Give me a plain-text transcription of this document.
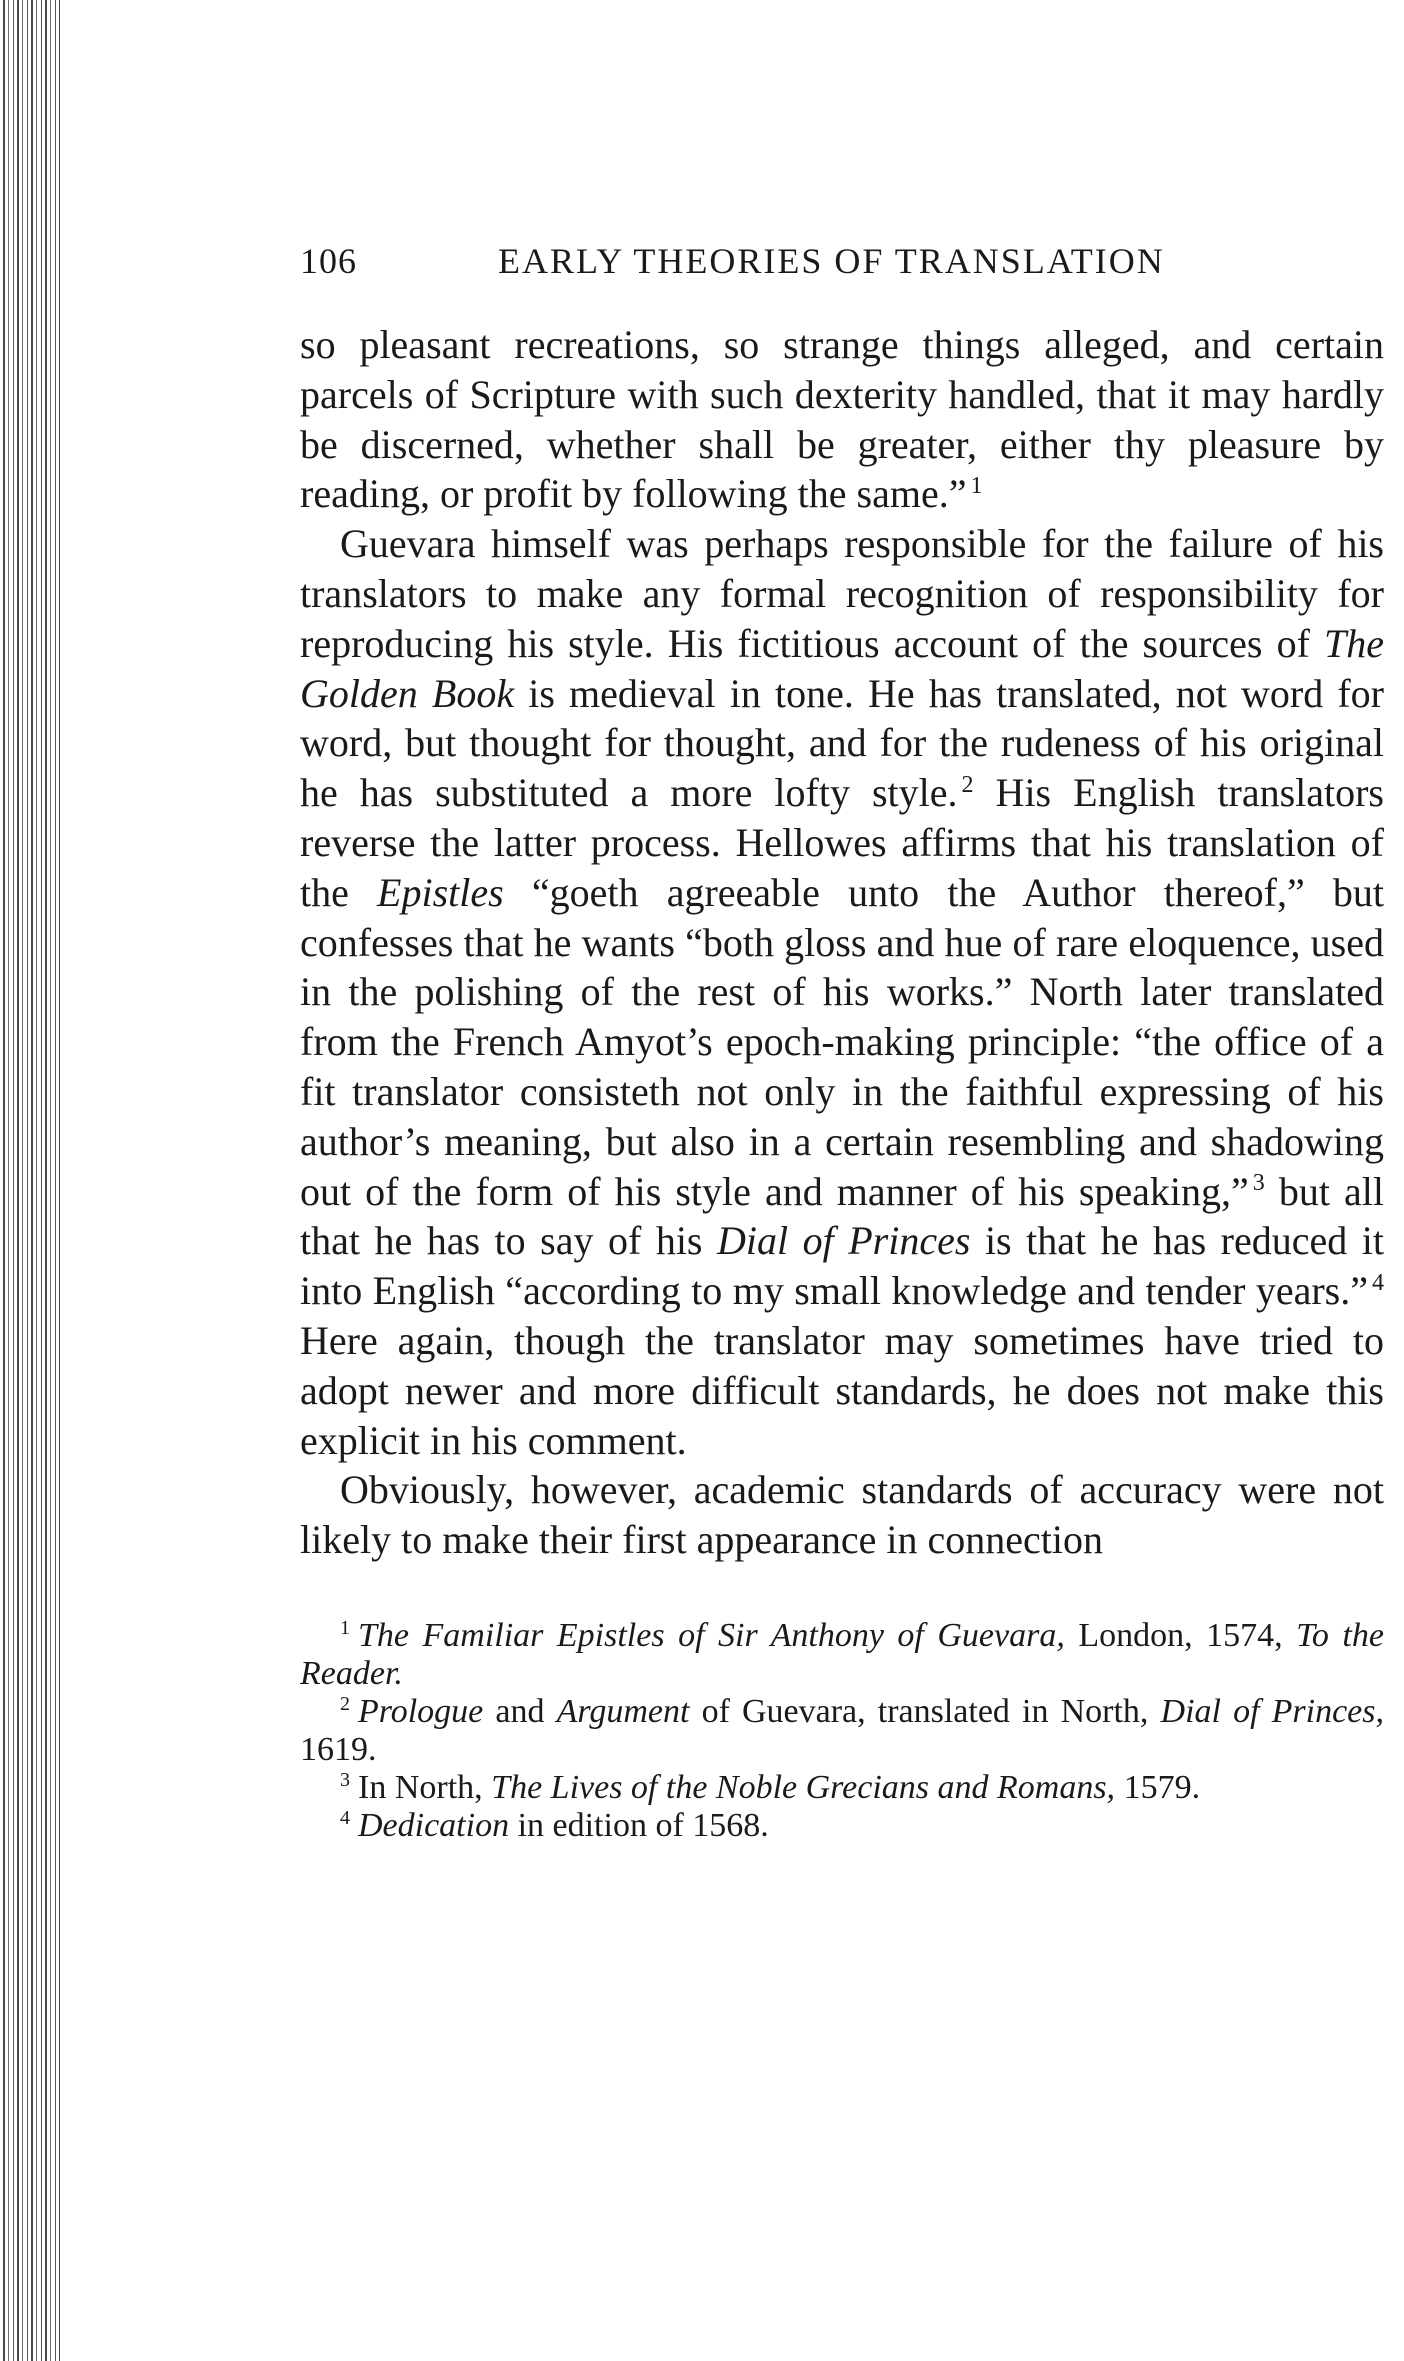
106	EARLY THEORIES OF TRANSLATION

so pleasant recreations, so strange things alleged, and certain parcels of Scripture with such dexterity handled, that it may hardly be discerned, whether shall be greater, either thy pleasure by reading, or profit by following the same.” $^1$

Guevara himself was perhaps responsible for the failure of his translators to make any formal recognition of responsibility for reproducing his style. His fictitious account of the sources of The Golden Book is medieval in tone. He has translated, not word for word, but thought for thought, and for the rudeness of his original he has substituted a more lofty style. $^2$ His English translators reverse the latter process. Hellowes affirms that his translation of the Epistles “goeth agreeable unto the Author thereof,” but confesses that he wants “both gloss and hue of rare eloquence, used in the polishing of the rest of his works.” North later translated from the French Amyot’s epoch-making principle: “the office of a fit translator consisteth not only in the faithful expressing of his author’s meaning, but also in a certain resembling and shadowing out of the form of his style and manner of his speaking,” $^3$ but all that he has to say of his Dial of Princes is that he has reduced it into English “according to my small knowledge and tender years.” $^4$ Here again, though the translator may sometimes have tried to adopt newer and more difficult standards, he does not make this explicit in his comment.

Obviously, however, academic standards of accuracy were not likely to make their first appearance in connection

$^1$ The Familiar Epistles of Sir Anthony of Guevara, London, 1574, To the Reader.

$^2$ Prologue and Argument of Guevara, translated in North, Dial of Princes, 1619.

$^3$ In North, The Lives of the Noble Grecians and Romans, 1579.

$^4$ Dedication in edition of 1568.
